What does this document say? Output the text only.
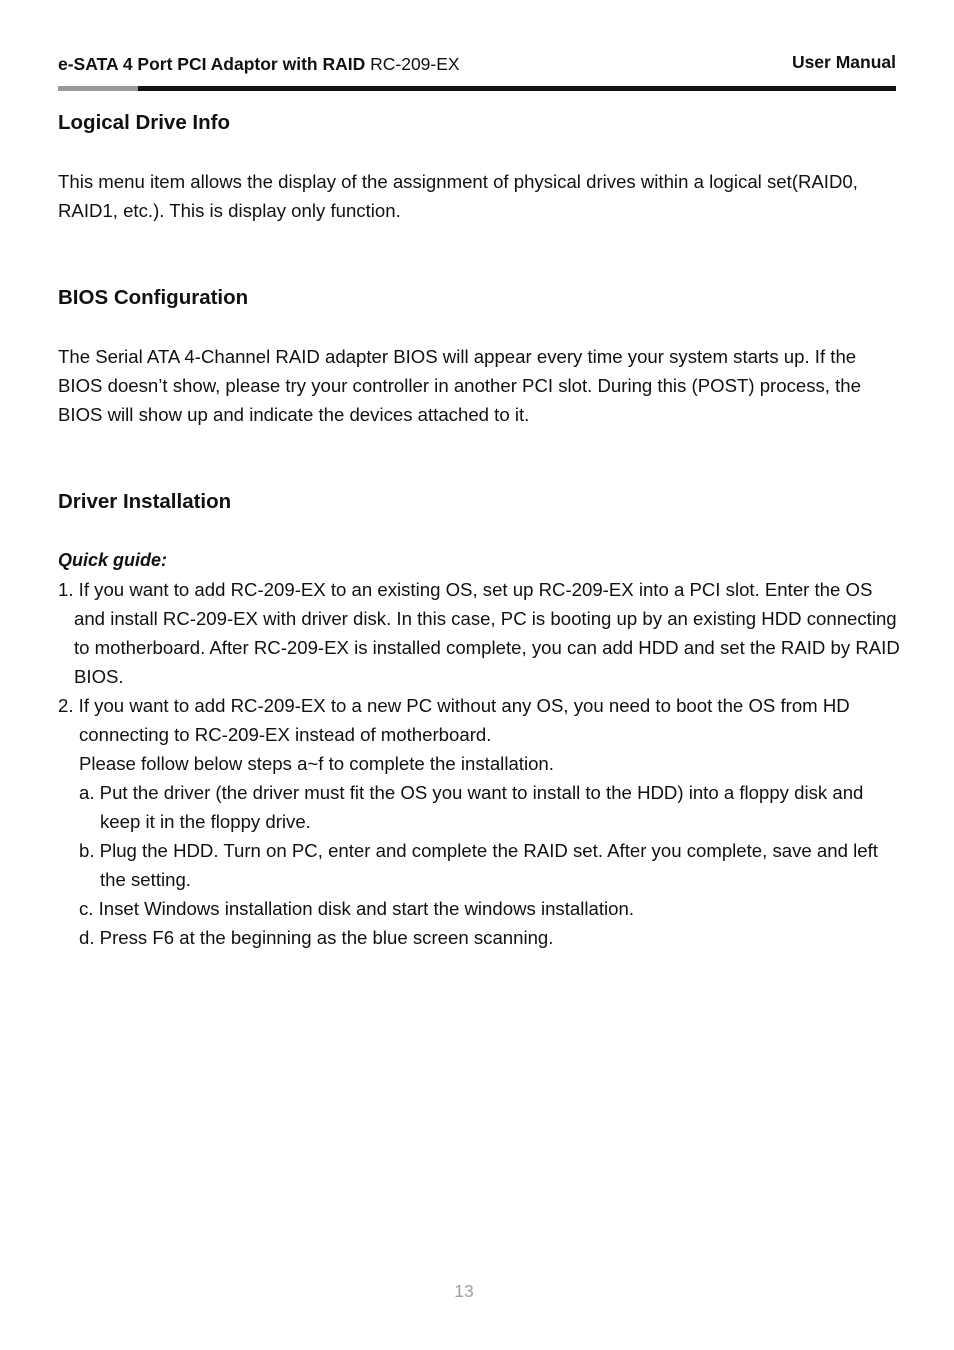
e-SATA 4 Port PCI Adaptor with RAID RC-209-EX	User Manual
Logical Drive Info

This menu item allows the display of the assignment of physical drives within a logical set(RAID0, RAID1, etc.). This is display only function.

BIOS Configuration

The Serial ATA 4-Channel RAID adapter BIOS will appear every time your system starts up. If the BIOS doesn’t show, please try your controller in another PCI slot. During this (POST) process, the BIOS will show up and indicate the devices attached to it.

Driver Installation

Quick guide:

1. If you want to add RC-209-EX to an existing OS, set up RC-209-EX into a PCI slot. Enter the OS and install RC-209-EX with driver disk. In this case, PC is booting up by an existing HDD connecting to motherboard. After RC-209-EX is installed complete, you can add HDD and set the RAID by RAID BIOS.

2. If you want to add RC-209-EX to a new PC without any OS, you need to boot the OS from HD connecting to RC-209-EX instead of motherboard.

Please follow below steps a~f to complete the installation.

a. Put the driver (the driver must fit the OS you want to install to the HDD) into a floppy disk and keep it in the floppy drive.

b. Plug the HDD. Turn on PC, enter and complete the RAID set. After you complete, save and left the setting.

c. Inset Windows installation disk and start the windows installation.

d. Press F6 at the beginning as the blue screen scanning.

13
